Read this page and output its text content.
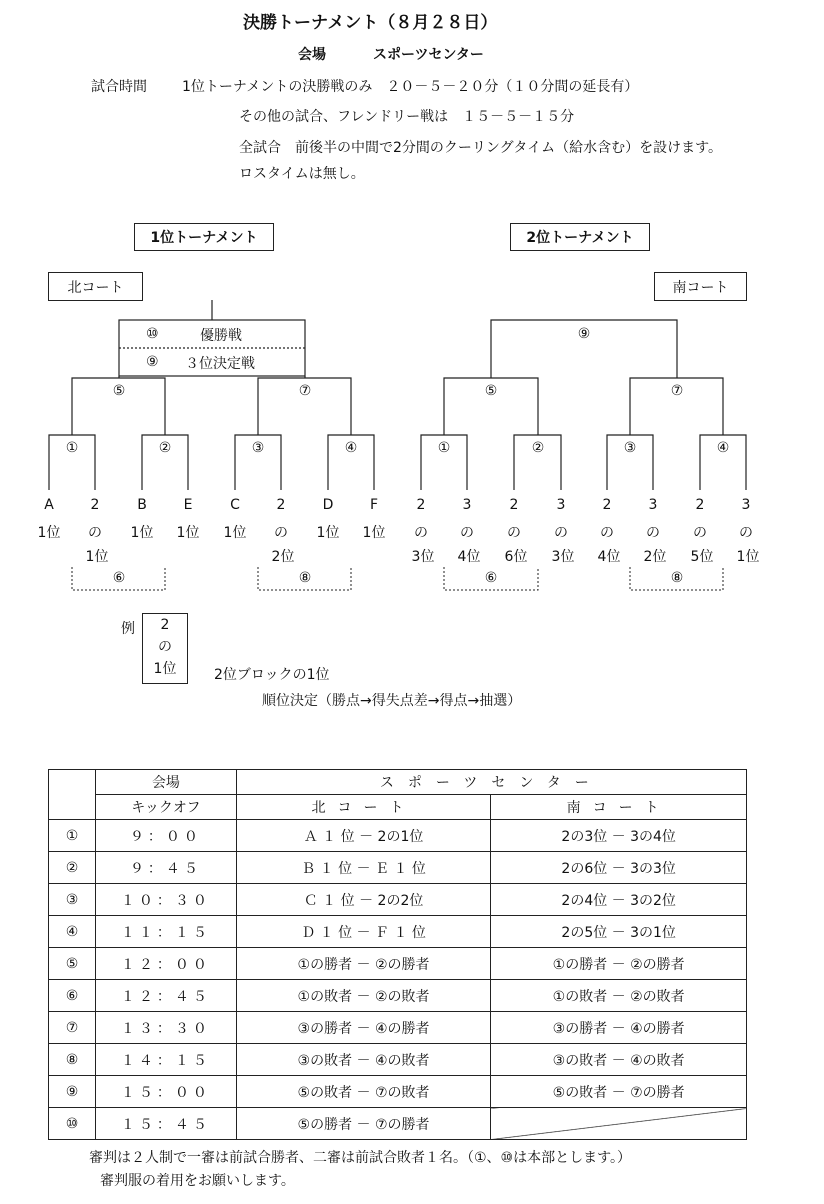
決勝トーナメント（８月２８日）
会場	スポーツセンター
試合時間	1位トーナメントの決勝戦のみ　２０－５－２０分（１０分間の延長有）
その他の試合、フレンドリー戦は　１５－５－１５分
全試合　前後半の中間で2分間のクーリングタイム（給水含む）を設けます。
ロスタイムは無し。
1位トーナメント
北コート
⑩	優勝戦
⑨ ３位決定戦
⑤	⑦
①	②	③	④
A
1位
2
の
1位
B
1位
E
1位
C
1位
2
の
2位
D
1位
F
1位
⑥	⑧
2位トーナメント
南コート
⑨
⑤	⑦
①	②	③	④
2
の
3位
3
の
4位
2
の
6位
3
の
3位
2
の
4位
3
の
2位
2
の
5位
3
の
1位
⑥	⑧
例	2
の
1位	2位ブロックの1位
順位決定（勝点→得失点差→得点→抽選）
	会場	スポーツセンター	
	キックオフ	北コート	南コート
①	９：００	Ａ １ 位 － 2の1位	2の3位 － 3の4位
②	９：４５	Ｂ １ 位 － Ｅ １ 位	2の6位 － 3の3位
③	１０：３０	Ｃ １ 位 － 2の2位	2の4位 － 3の2位
④	１１：１５	Ｄ １ 位 － Ｆ １ 位	2の5位 － 3の1位
⑤	１２：００	①の勝者 － ②の勝者	①の勝者 － ②の勝者
⑥	１２：４５	①の敗者 － ②の敗者	①の敗者 － ②の敗者
⑦	１３：３０	③の勝者 － ④の勝者	③の勝者 － ④の勝者
⑧	１４：１５	③の敗者 － ④の敗者	③の敗者 － ④の敗者
⑨	１５：００	⑤の敗者 － ⑦の敗者	⑤の敗者 － ⑦の勝者
⑩	１５：４５	⑤の勝者 － ⑦の勝者	
審判は２人制で一審は前試合勝者、二審は前試合敗者１名。（①、⑩は本部とします。）
審判服の着用をお願いします。
